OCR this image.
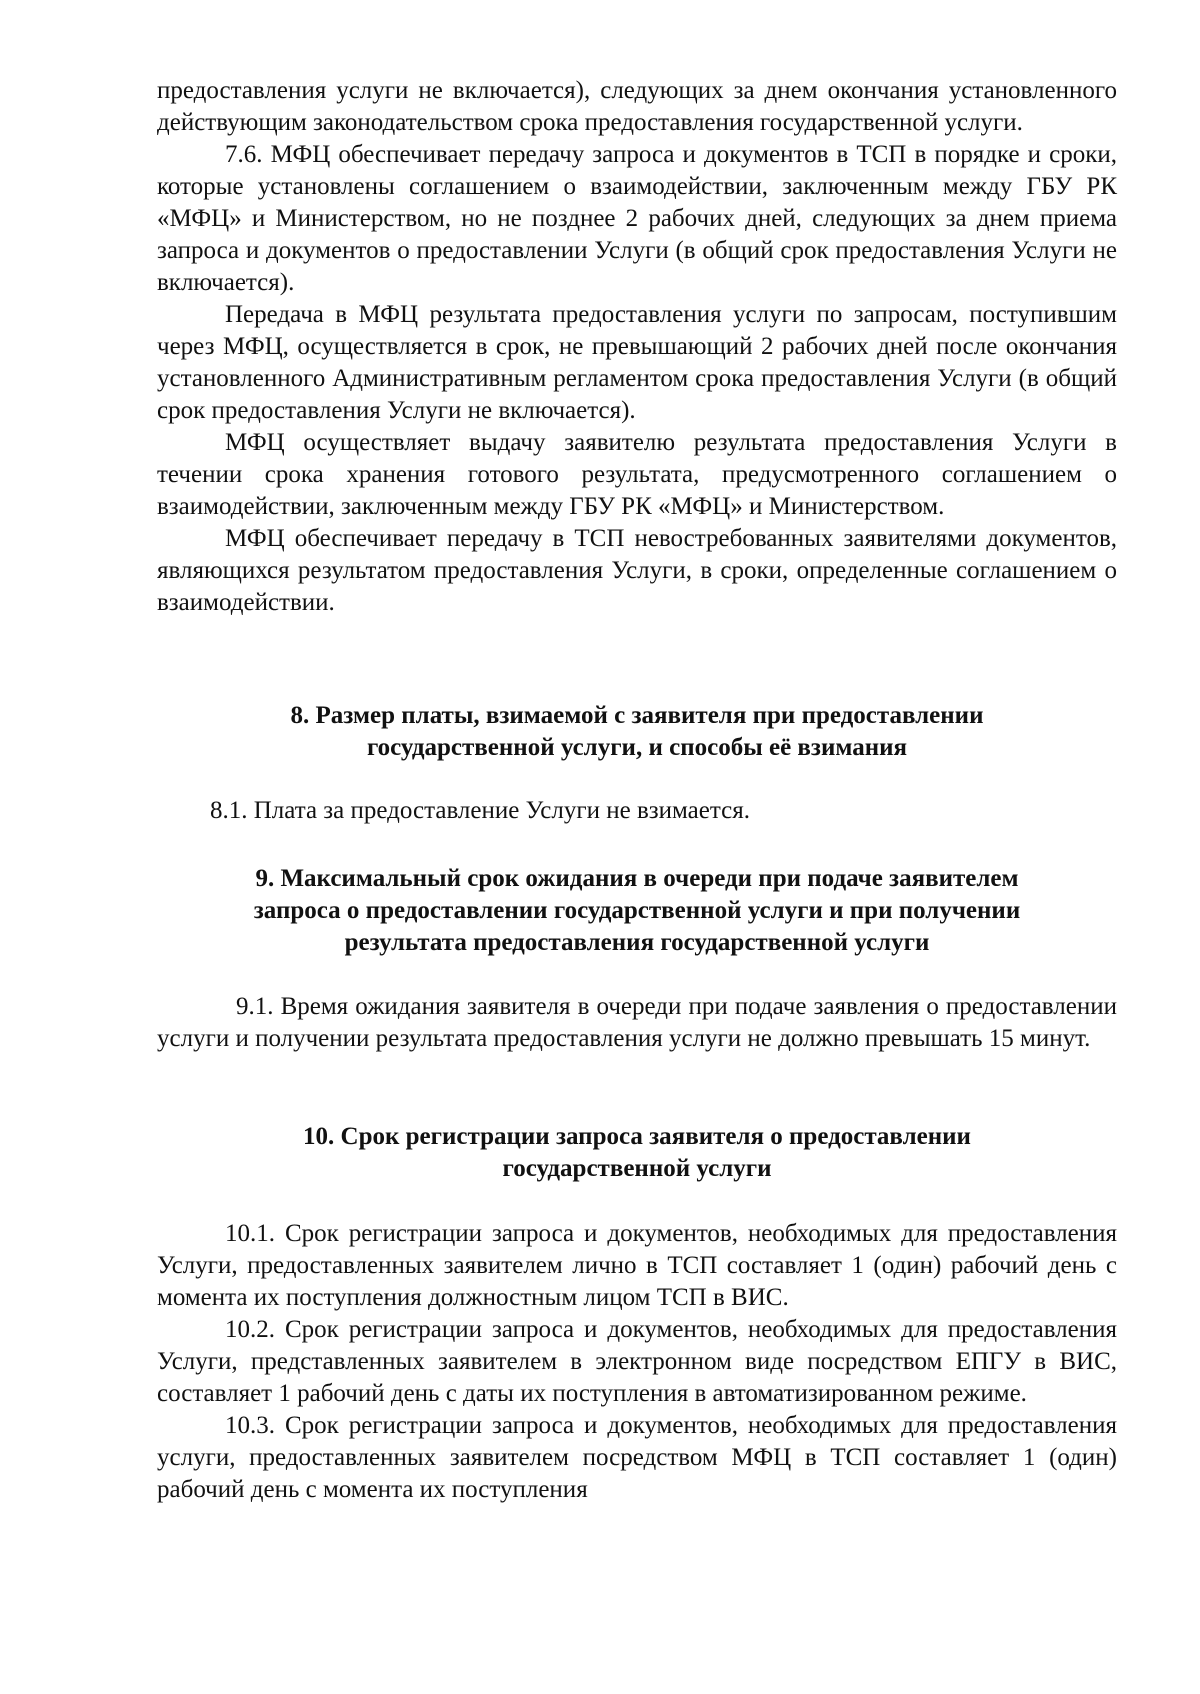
предоставления услуги не включается), следующих за днем окончания установленного действующим законодательством срока предоставления государственной услуги.

7.6. МФЦ обеспечивает передачу запроса и документов в ТСП в порядке и сроки, которые установлены соглашением о взаимодействии, заключенным между ГБУ РК «МФЦ» и Министерством, но не позднее 2 рабочих дней, следующих за днем приема запроса и документов о предоставлении Услуги (в общий срок предоставления Услуги не включается).

Передача в МФЦ результата предоставления услуги по запросам, поступившим через МФЦ, осуществляется в срок, не превышающий 2 рабочих дней после окончания установленного Административным регламентом срока предоставления Услуги (в общий срок предоставления Услуги не включается).

МФЦ осуществляет выдачу заявителю результата предоставления Услуги в течении срока хранения готового результата, предусмотренного соглашением о взаимодействии, заключенным между ГБУ РК «МФЦ» и Министерством.

МФЦ обеспечивает передачу в ТСП невостребованных заявителями документов, являющихся результатом предоставления Услуги, в сроки, определенные соглашением о взаимодействии.

8. Размер платы, взимаемой с заявителя при предоставлении
государственной услуги, и способы её взимания

8.1. Плата за предоставление Услуги не взимается.

9. Максимальный срок ожидания в очереди при подаче заявителем
запроса о предоставлении государственной услуги и при получении
результата предоставления государственной услуги

9.1. Время ожидания заявителя в очереди при подаче заявления о предоставлении услуги и получении результата предоставления услуги не должно превышать 15 минут.

10. Срок регистрации запроса заявителя о предоставлении
государственной услуги

10.1. Срок регистрации запроса и документов, необходимых для предоставления Услуги, предоставленных заявителем лично в ТСП составляет 1 (один) рабочий день с момента их поступления должностным лицом ТСП в ВИС.

10.2. Срок регистрации запроса и документов, необходимых для предоставления Услуги, представленных заявителем в электронном виде посредством ЕПГУ в ВИС, составляет 1 рабочий день с даты их поступления в автоматизированном режиме.

10.3. Срок регистрации запроса и документов, необходимых для предоставления услуги, предоставленных заявителем посредством МФЦ в ТСП составляет 1 (один) рабочий день с момента их поступления
